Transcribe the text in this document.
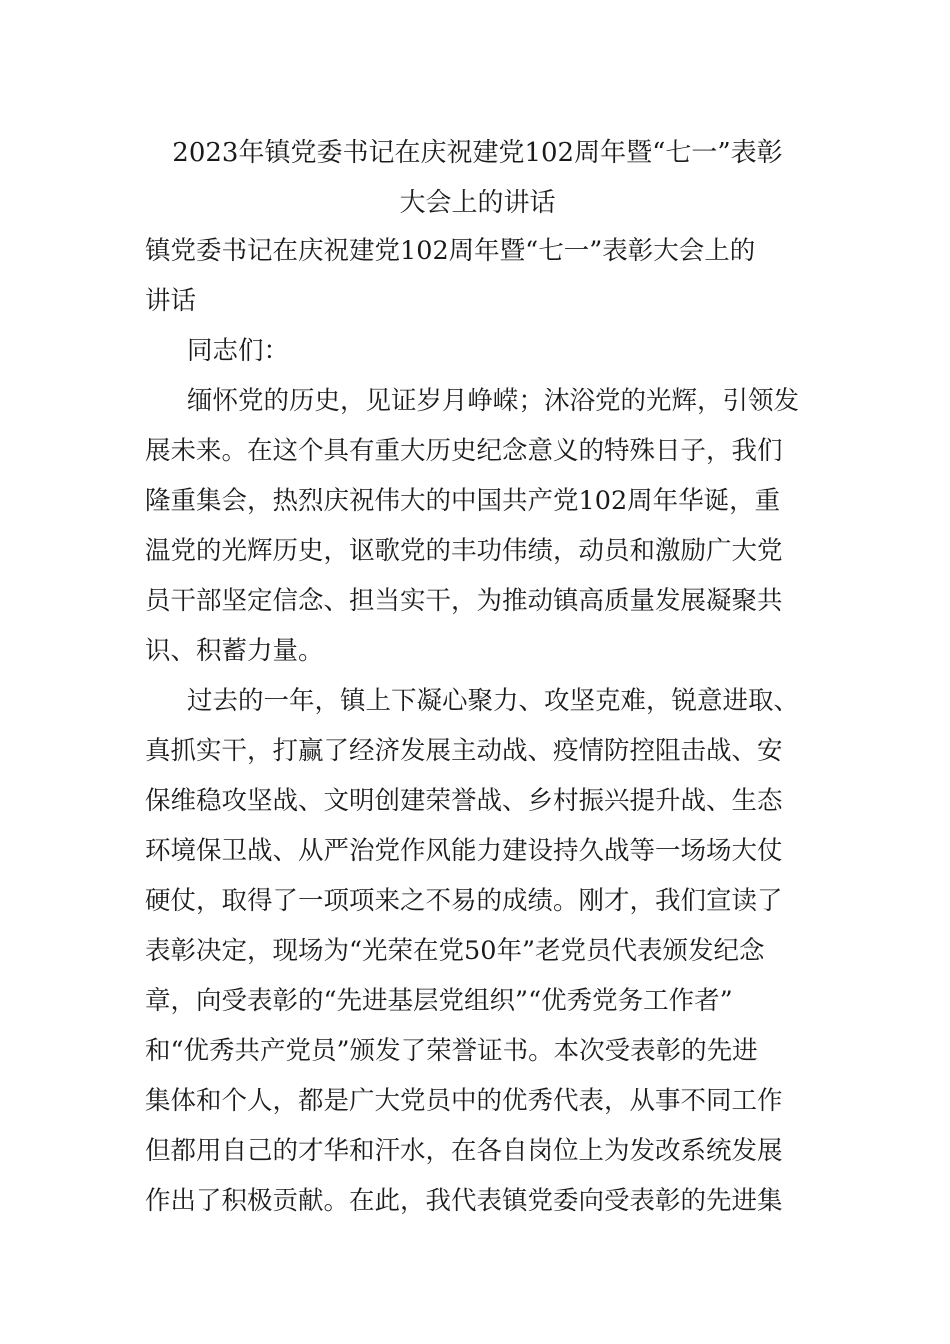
2023年镇党委书记在庆祝建党102周年暨“七一”表彰
大会上的讲话
镇党委书记在庆祝建党102周年暨“七一”表彰大会上的
讲话
同志们：
缅怀党的历史，见证岁月峥嵘；沐浴党的光辉，引领发
展未来。在这个具有重大历史纪念意义的特殊日子，我们
隆重集会，热烈庆祝伟大的中国共产党102周年华诞，重
温党的光辉历史，讴歌党的丰功伟绩，动员和激励广大党
员干部坚定信念、担当实干，为推动镇高质量发展凝聚共
识、积蓄力量。
过去的一年，镇上下凝心聚力、攻坚克难，锐意进取、
真抓实干，打赢了经济发展主动战、疫情防控阻击战、安
保维稳攻坚战、文明创建荣誉战、乡村振兴提升战、生态
环境保卫战、从严治党作风能力建设持久战等一场场大仗
硬仗，取得了一项项来之不易的成绩。刚才，我们宣读了
表彰决定，现场为“光荣在党50年”老党员代表颁发纪念
章，向受表彰的“先进基层党组织”“优秀党务工作者”
和“优秀共产党员”颁发了荣誉证书。本次受表彰的先进
集体和个人，都是广大党员中的优秀代表，从事不同工作
但都用自己的才华和汗水，在各自岗位上为发改系统发展
作出了积极贡献。在此，我代表镇党委向受表彰的先进集
